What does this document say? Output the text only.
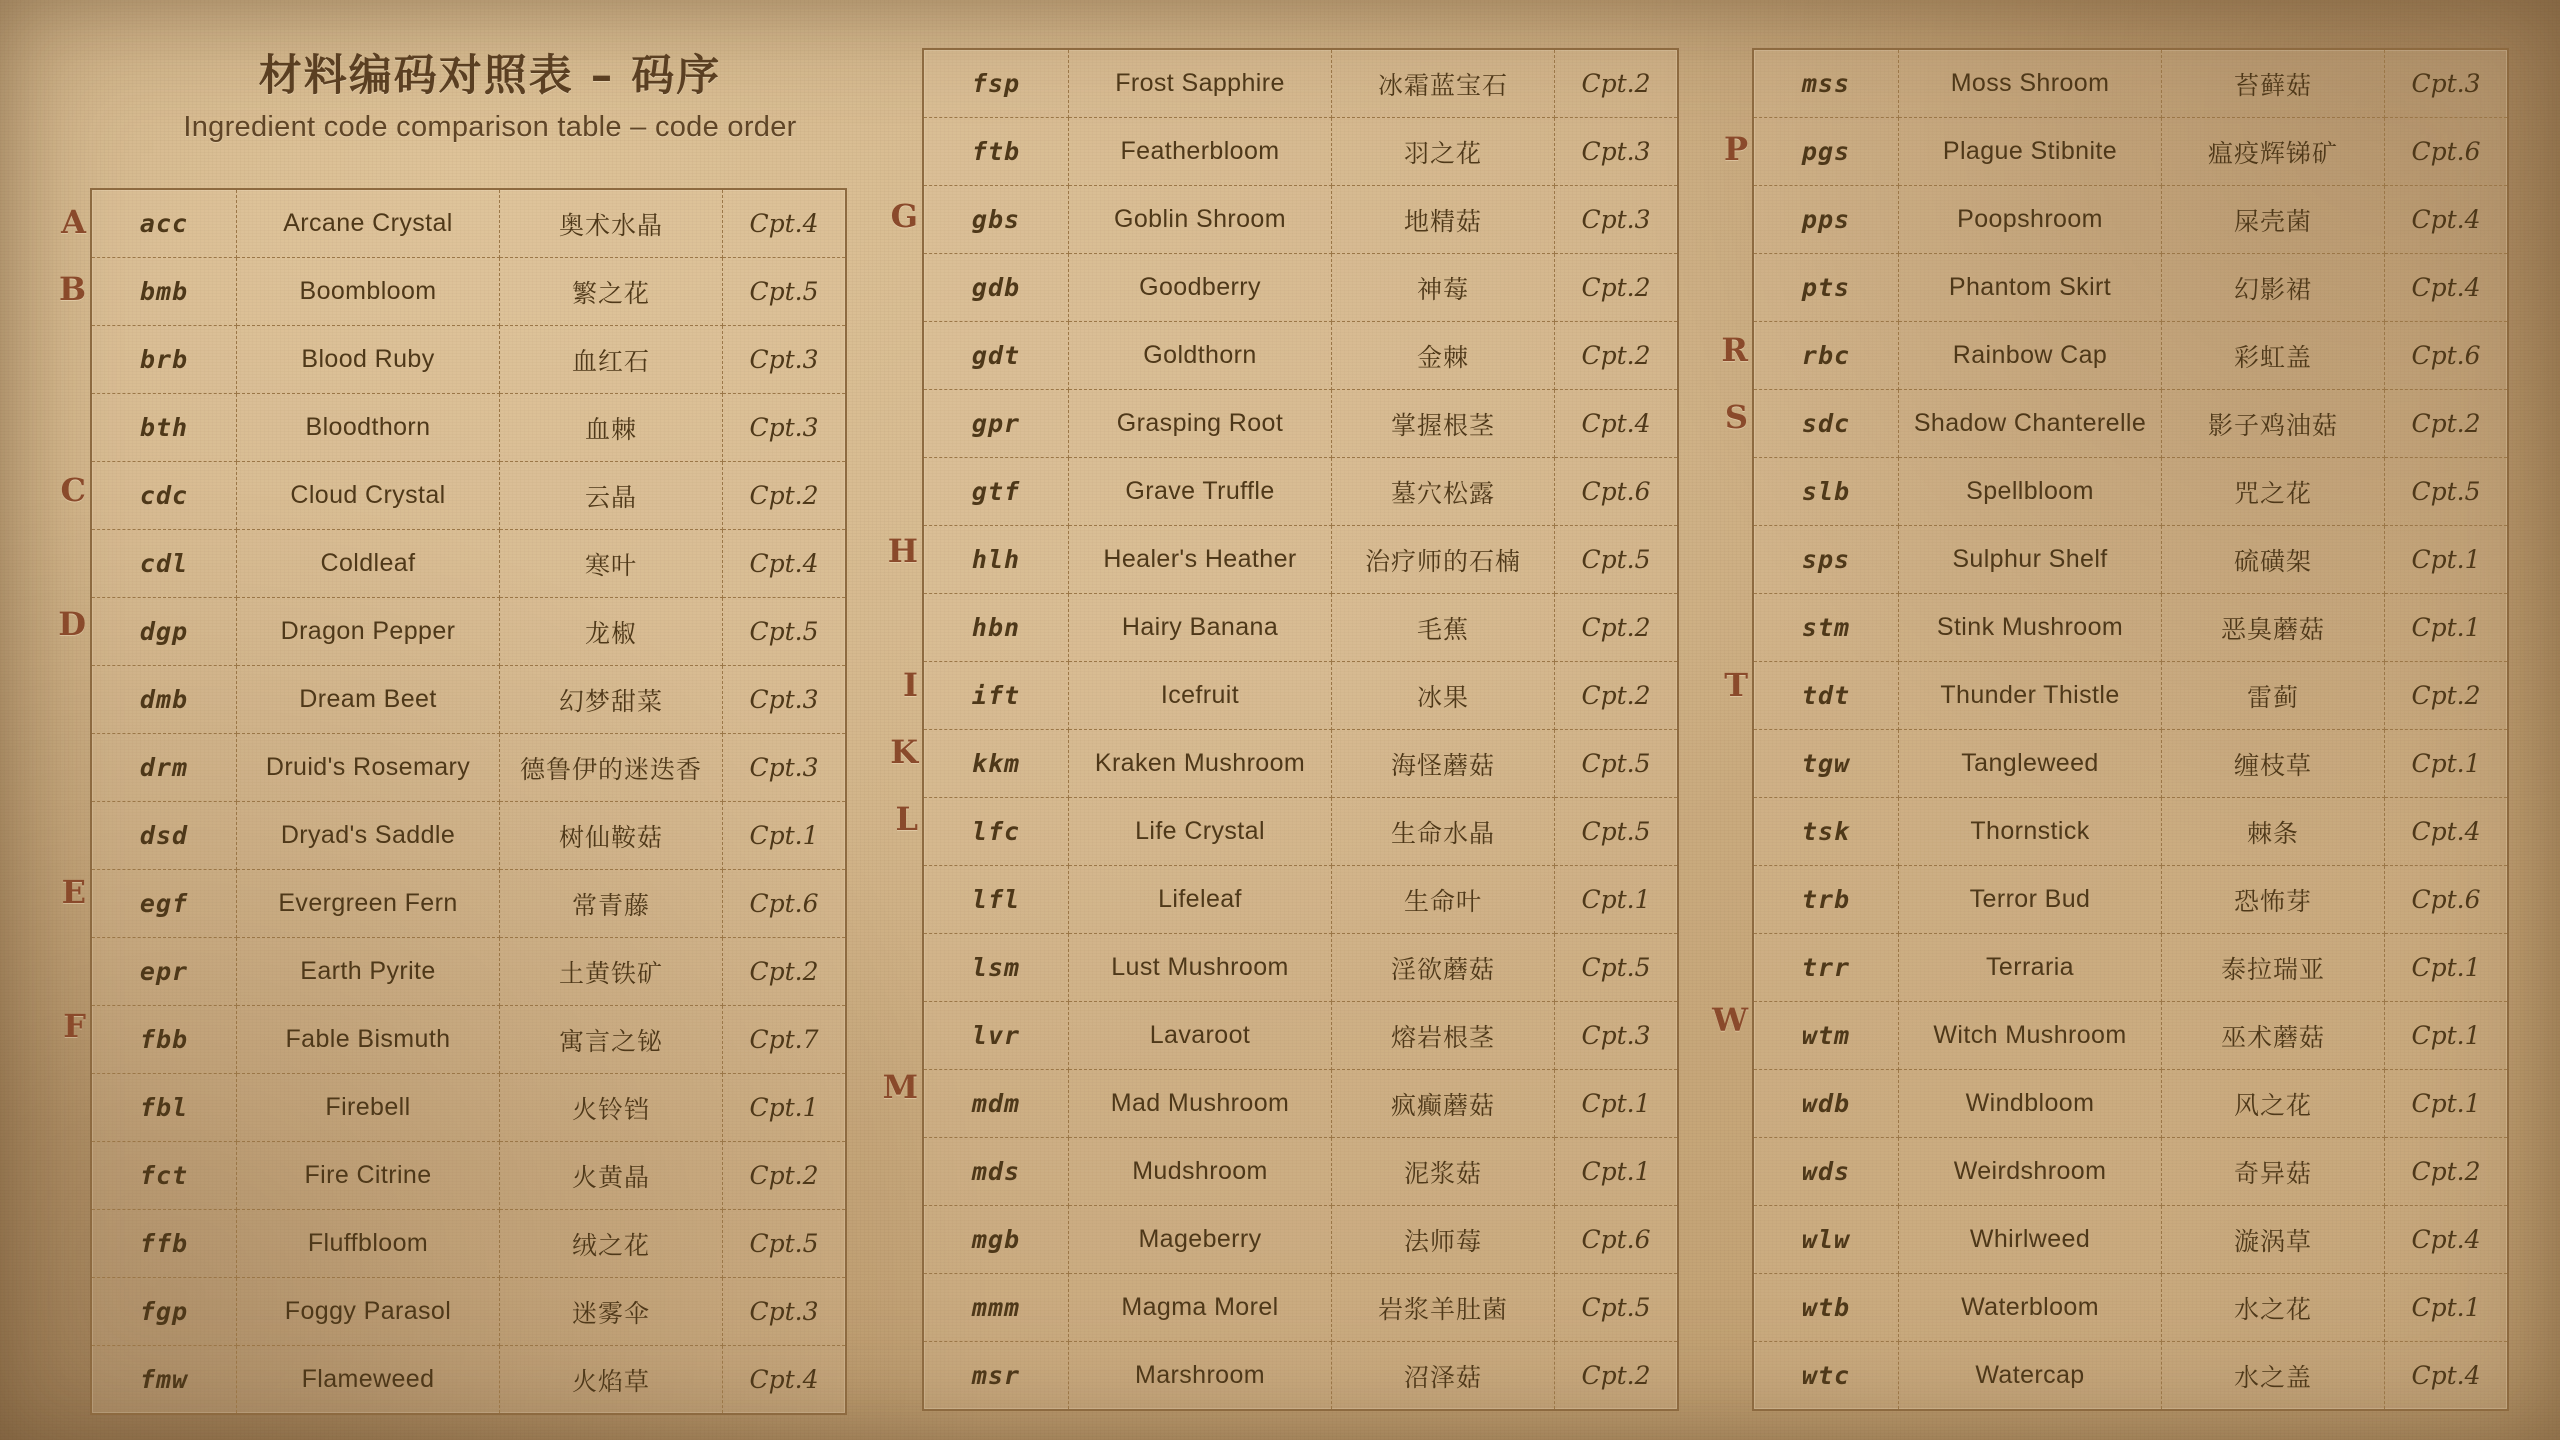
材料编码对照表 – 码序
Ingredient code comparison table – code order
A
B
C
D
E
F
acc	Arcane Crystal	奥术水晶	Cpt.4
bmb	Boombloom	繁之花	Cpt.5
brb	Blood Ruby	血红石	Cpt.3
bth	Bloodthorn	血棘	Cpt.3
cdc	Cloud Crystal	云晶	Cpt.2
cdl	Coldleaf	寒叶	Cpt.4
dgp	Dragon Pepper	龙椒	Cpt.5
dmb	Dream Beet	幻梦甜菜	Cpt.3
drm	Druid's Rosemary	德鲁伊的迷迭香	Cpt.3
dsd	Dryad's Saddle	树仙鞍菇	Cpt.1
egf	Evergreen Fern	常青藤	Cpt.6
epr	Earth Pyrite	土黄铁矿	Cpt.2
fbb	Fable Bismuth	寓言之铋	Cpt.7
fbl	Firebell	火铃铛	Cpt.1
fct	Fire Citrine	火黄晶	Cpt.2
ffb	Fluffbloom	绒之花	Cpt.5
fgp	Foggy Parasol	迷雾伞	Cpt.3
fmw	Flameweed	火焰草	Cpt.4
G
H
I
K
L
M
fsp	Frost Sapphire	冰霜蓝宝石	Cpt.2
ftb	Featherbloom	羽之花	Cpt.3
gbs	Goblin Shroom	地精菇	Cpt.3
gdb	Goodberry	神莓	Cpt.2
gdt	Goldthorn	金棘	Cpt.2
gpr	Grasping Root	掌握根茎	Cpt.4
gtf	Grave Truffle	墓穴松露	Cpt.6
hlh	Healer's Heather	治疗师的石楠	Cpt.5
hbn	Hairy Banana	毛蕉	Cpt.2
ift	Icefruit	冰果	Cpt.2
kkm	Kraken Mushroom	海怪蘑菇	Cpt.5
lfc	Life Crystal	生命水晶	Cpt.5
lfl	Lifeleaf	生命叶	Cpt.1
lsm	Lust Mushroom	淫欲蘑菇	Cpt.5
lvr	Lavaroot	熔岩根茎	Cpt.3
mdm	Mad Mushroom	疯癫蘑菇	Cpt.1
mds	Mudshroom	泥浆菇	Cpt.1
mgb	Mageberry	法师莓	Cpt.6
mmm	Magma Morel	岩浆羊肚菌	Cpt.5
msr	Marshroom	沼泽菇	Cpt.2
P
R
S
T
W
mss	Moss Shroom	苔藓菇	Cpt.3
pgs	Plague Stibnite	瘟疫辉锑矿	Cpt.6
pps	Poopshroom	屎壳菌	Cpt.4
pts	Phantom Skirt	幻影裙	Cpt.4
rbc	Rainbow Cap	彩虹盖	Cpt.6
sdc	Shadow Chanterelle	影子鸡油菇	Cpt.2
slb	Spellbloom	咒之花	Cpt.5
sps	Sulphur Shelf	硫磺架	Cpt.1
stm	Stink Mushroom	恶臭蘑菇	Cpt.1
tdt	Thunder Thistle	雷蓟	Cpt.2
tgw	Tangleweed	缠枝草	Cpt.1
tsk	Thornstick	棘条	Cpt.4
trb	Terror Bud	恐怖芽	Cpt.6
trr	Terraria	泰拉瑞亚	Cpt.1
wtm	Witch Mushroom	巫术蘑菇	Cpt.1
wdb	Windbloom	风之花	Cpt.1
wds	Weirdshroom	奇异菇	Cpt.2
wlw	Whirlweed	漩涡草	Cpt.4
wtb	Waterbloom	水之花	Cpt.1
wtc	Watercap	水之盖	Cpt.4
